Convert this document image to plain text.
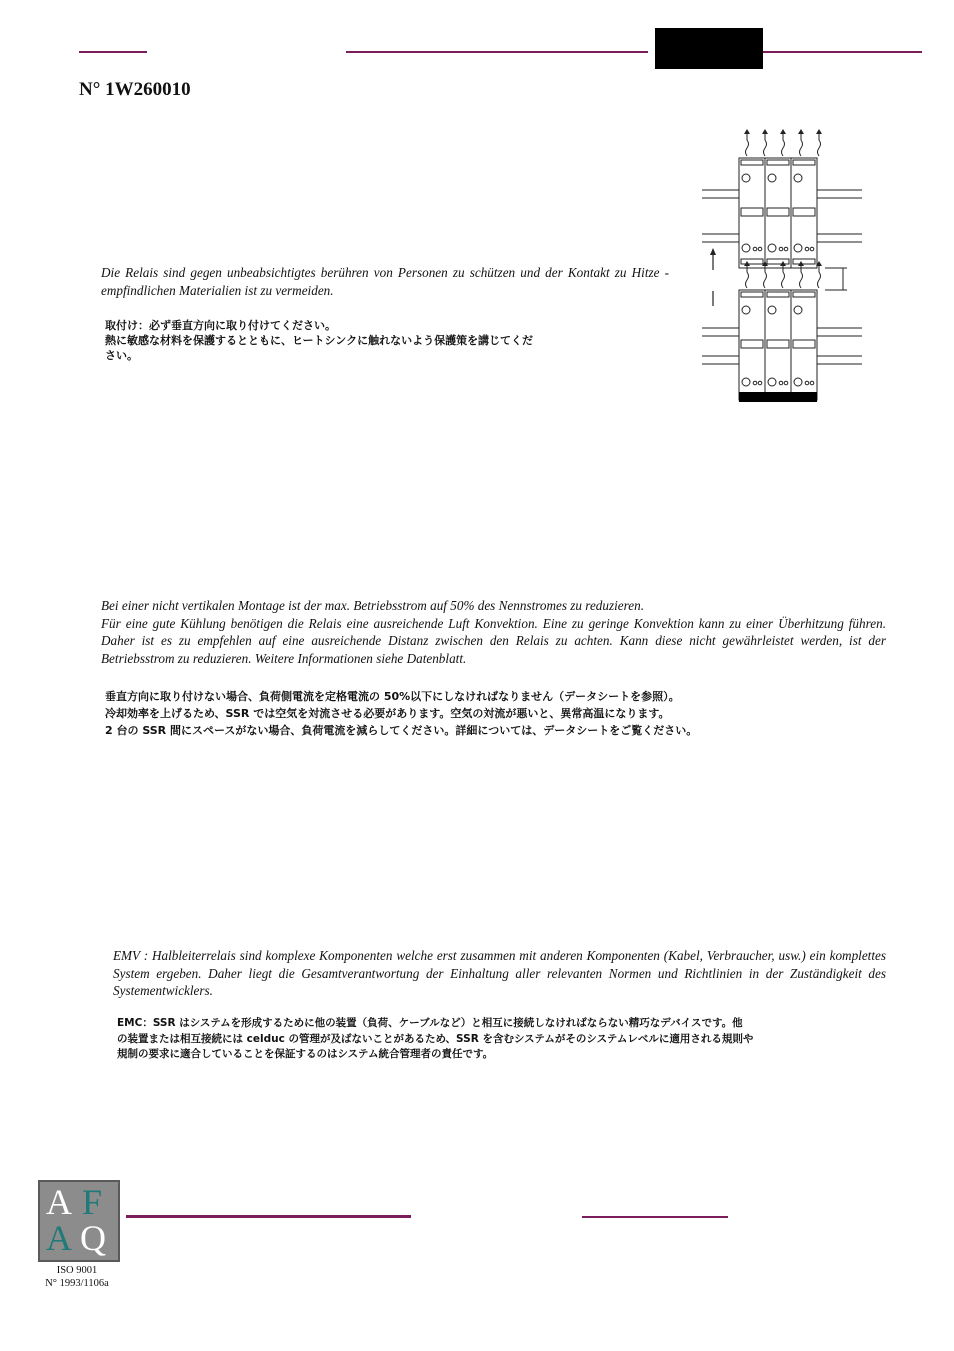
N° 1W260010

Die Relais sind gegen unbeabsichtigtes berühren von Personen zu schützen und der Kontakt zu Hitze - empfindlichen Materialien ist zu vermeiden.

取付け：必ず垂直方向に取り付けてください。

熱に敏感な材料を保護するとともに、ヒートシンクに触れないよう保護策を講じてくだ

さい。

Bei einer nicht vertikalen Montage ist der max. Betriebsstrom auf 50% des Nennstromes zu reduzieren.

Für eine gute Kühlung benötigen die Relais eine ausreichende Luft Konvektion. Eine zu geringe Konvektion kann zu einer Überhitzung führen. Daher ist es zu empfehlen auf eine ausreichende Distanz zwischen den Relais zu achten. Kann diese nicht gewährleistet werden, ist der Betriebsstrom zu reduzieren. Weitere Informationen siehe Datenblatt.

垂直方向に取り付けない場合、負荷側電流を定格電流の 50%以下にしなければなりません（データシートを参照）。

冷却効率を上げるため、SSR では空気を対流させる必要があります。空気の対流が悪いと、異常高温になります。

2 台の SSR 間にスペースがない場合、負荷電流を減らしてください。詳細については、データシートをご覧ください。

EMV : Halbleiterrelais sind komplexe Komponenten welche erst zusammen mit anderen Komponenten (Kabel, Verbraucher, usw.) ein komplettes System ergeben. Daher liegt die Gesamtverantwortung der Einhaltung aller relevanten Normen und Richtlinien in der Zuständigkeit des Systementwicklers.

EMC：SSR はシステムを形成するために他の装置（負荷、ケーブルなど）と相互に接続しなければならない精巧なデバイスです。他

の装置または相互接続には celduc の管理が及ばないことがあるため、SSR を含むシステムがそのシステムレベルに適用される規則や

規制の要求に適合していることを保証するのはシステム統合管理者の責任です。

A F
A Q
ISO 9001
N° 1993/1106a
